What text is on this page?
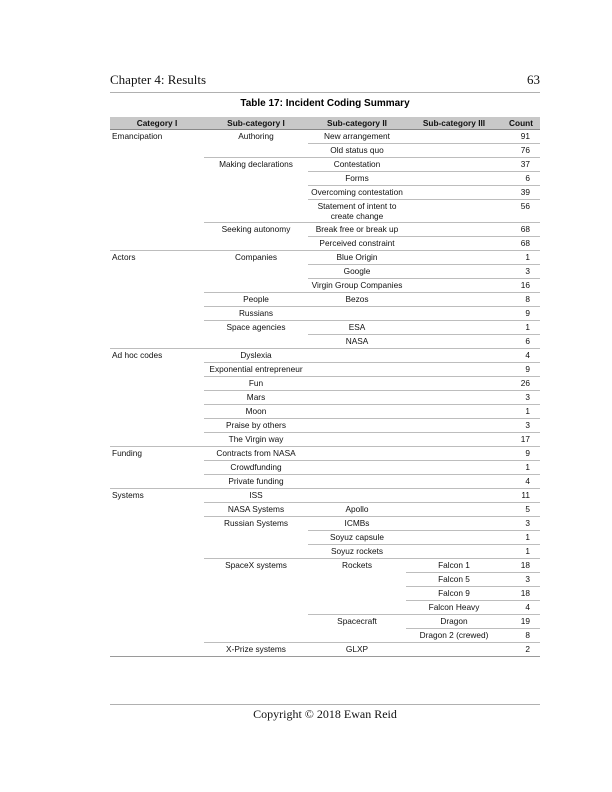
Chapter 4: Results	63
Table 17: Incident Coding Summary
Category I	Sub-category I	Sub-category II	Sub-category III	Count
Emancipation	Authoring	New arrangement		91
		Old status quo		76
	Making declarations	Contestation		37
		Forms		6
		Overcoming contestation		39
		Statement of intent to create change		56
	Seeking autonomy	Break free or break up		68
		Perceived constraint		68
Actors	Companies	Blue Origin		1
		Google		3
		Virgin Group Companies		16
	People	Bezos		8
	Russians			9
	Space agencies	ESA		1
		NASA		6
Ad hoc codes	Dyslexia			4
	Exponential entrepreneur			9
	Fun			26
	Mars			3
	Moon			1
	Praise by others			3
	The Virgin way			17
Funding	Contracts from NASA			9
	Crowdfunding			1
	Private funding			4
Systems	ISS			11
	NASA Systems	Apollo		5
	Russian Systems	ICMBs		3
		Soyuz capsule		1
		Soyuz rockets		1
	SpaceX systems	Rockets	Falcon 1	18
			Falcon 5	3
			Falcon 9	18
			Falcon Heavy	4
		Spacecraft	Dragon	19
			Dragon 2 (crewed)	8
	X-Prize systems	GLXP		2
Copyright © 2018 Ewan Reid
